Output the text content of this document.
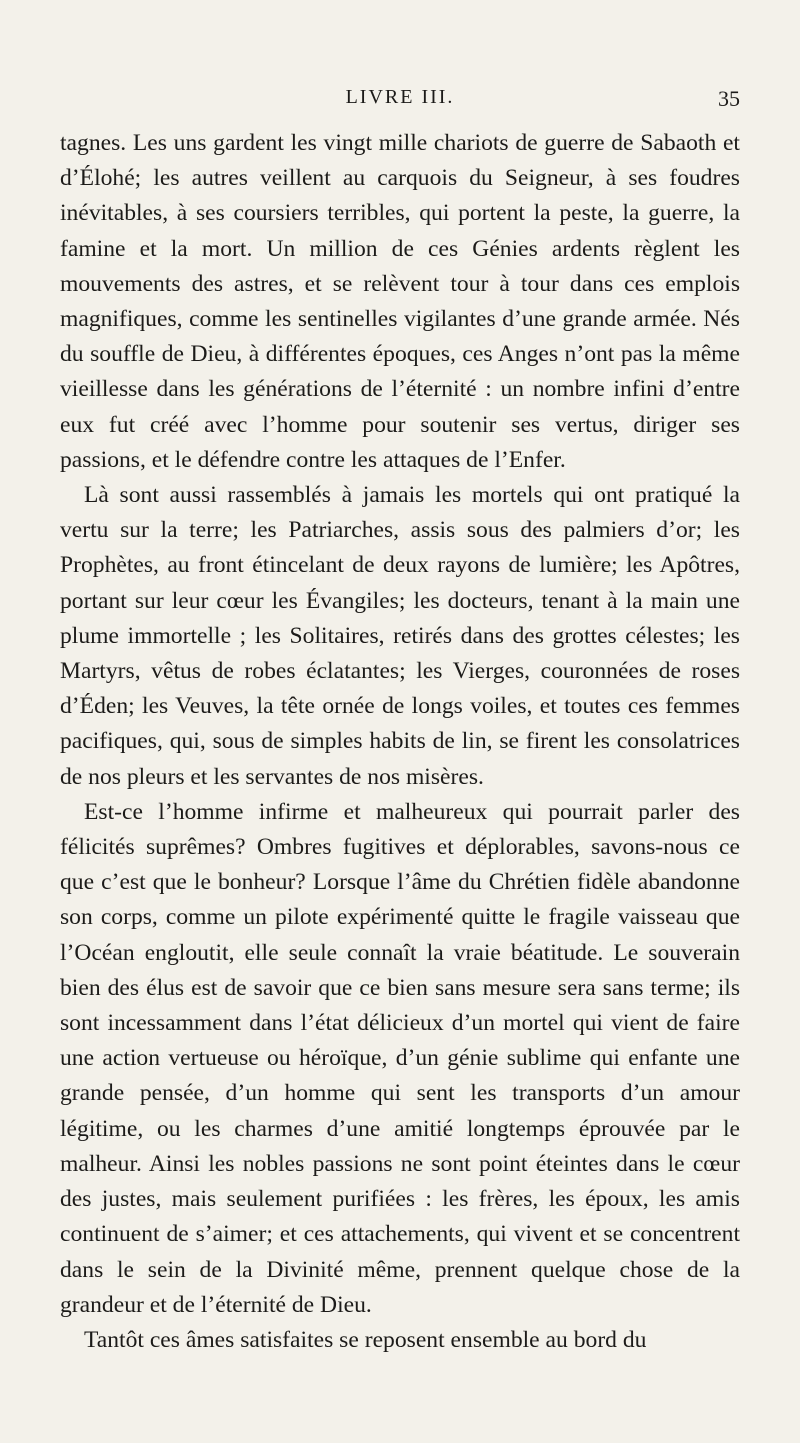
LIVRE III.	35

tagnes. Les uns gardent les vingt mille chariots de guerre de Sabaoth et d’Élohé; les autres veillent au carquois du Seigneur, à ses foudres inévitables, à ses coursiers terribles, qui portent la peste, la guerre, la famine et la mort. Un million de ces Génies ardents règlent les mouvements des astres, et se relèvent tour à tour dans ces emplois magnifiques, comme les sentinelles vigilantes d’une grande armée. Nés du souffle de Dieu, à différentes époques, ces Anges n’ont pas la même vieillesse dans les générations de l’éternité : un nombre infini d’entre eux fut créé avec l’homme pour soutenir ses vertus, diriger ses passions, et le défendre contre les attaques de l’Enfer.

Là sont aussi rassemblés à jamais les mortels qui ont pratiqué la vertu sur la terre; les Patriarches, assis sous des palmiers d’or; les Prophètes, au front étincelant de deux rayons de lumière; les Apôtres, portant sur leur cœur les Évangiles; les docteurs, tenant à la main une plume immortelle ; les Solitaires, retirés dans des grottes célestes; les Martyrs, vêtus de robes éclatantes; les Vierges, couronnées de roses d’Éden; les Veuves, la tête ornée de longs voiles, et toutes ces femmes pacifiques, qui, sous de simples habits de lin, se firent les consolatrices de nos pleurs et les servantes de nos misères.

Est-ce l’homme infirme et malheureux qui pourrait parler des félicités suprêmes? Ombres fugitives et déplorables, savons-nous ce que c’est que le bonheur? Lorsque l’âme du Chrétien fidèle abandonne son corps, comme un pilote expérimenté quitte le fragile vaisseau que l’Océan engloutit, elle seule connaît la vraie béatitude. Le souverain bien des élus est de savoir que ce bien sans mesure sera sans terme; ils sont incessamment dans l’état délicieux d’un mortel qui vient de faire une action vertueuse ou héroïque, d’un génie sublime qui enfante une grande pensée, d’un homme qui sent les transports d’un amour légitime, ou les charmes d’une amitié longtemps éprouvée par le malheur. Ainsi les nobles passions ne sont point éteintes dans le cœur des justes, mais seulement purifiées : les frères, les époux, les amis continuent de s’aimer; et ces attachements, qui vivent et se concentrent dans le sein de la Divinité même, prennent quelque chose de la grandeur et de l’éternité de Dieu.

Tantôt ces âmes satisfaites se reposent ensemble au bord du
